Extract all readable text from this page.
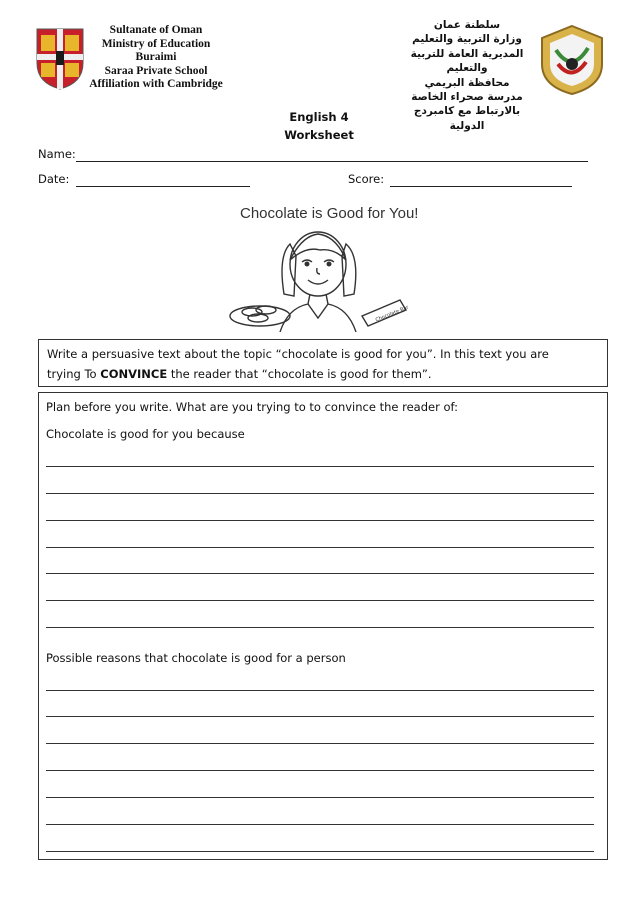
Sultanate of Oman
Ministry of Education
Buraimi
Saraa Private School
Affiliation with Cambridge
سلطنة عمان
وزارة التربية والتعليم
المديرية العامة للتربية والتعليم
محافظة البريمي
مدرسة صحراء الخاصة
بالارتباط مع كامبردج الدولية
English 4
Worksheet
Name:
Date:	Score:
Chocolate is Good for You!
Chocolate Bar
Write a persuasive text about the topic “chocolate is good for you”. In this text you are
trying To CONVINCE the reader that “chocolate is good for them”.
Plan before you write. What are you trying to to convince the reader of:
Chocolate is good for you because
Possible reasons that chocolate is good for a person
